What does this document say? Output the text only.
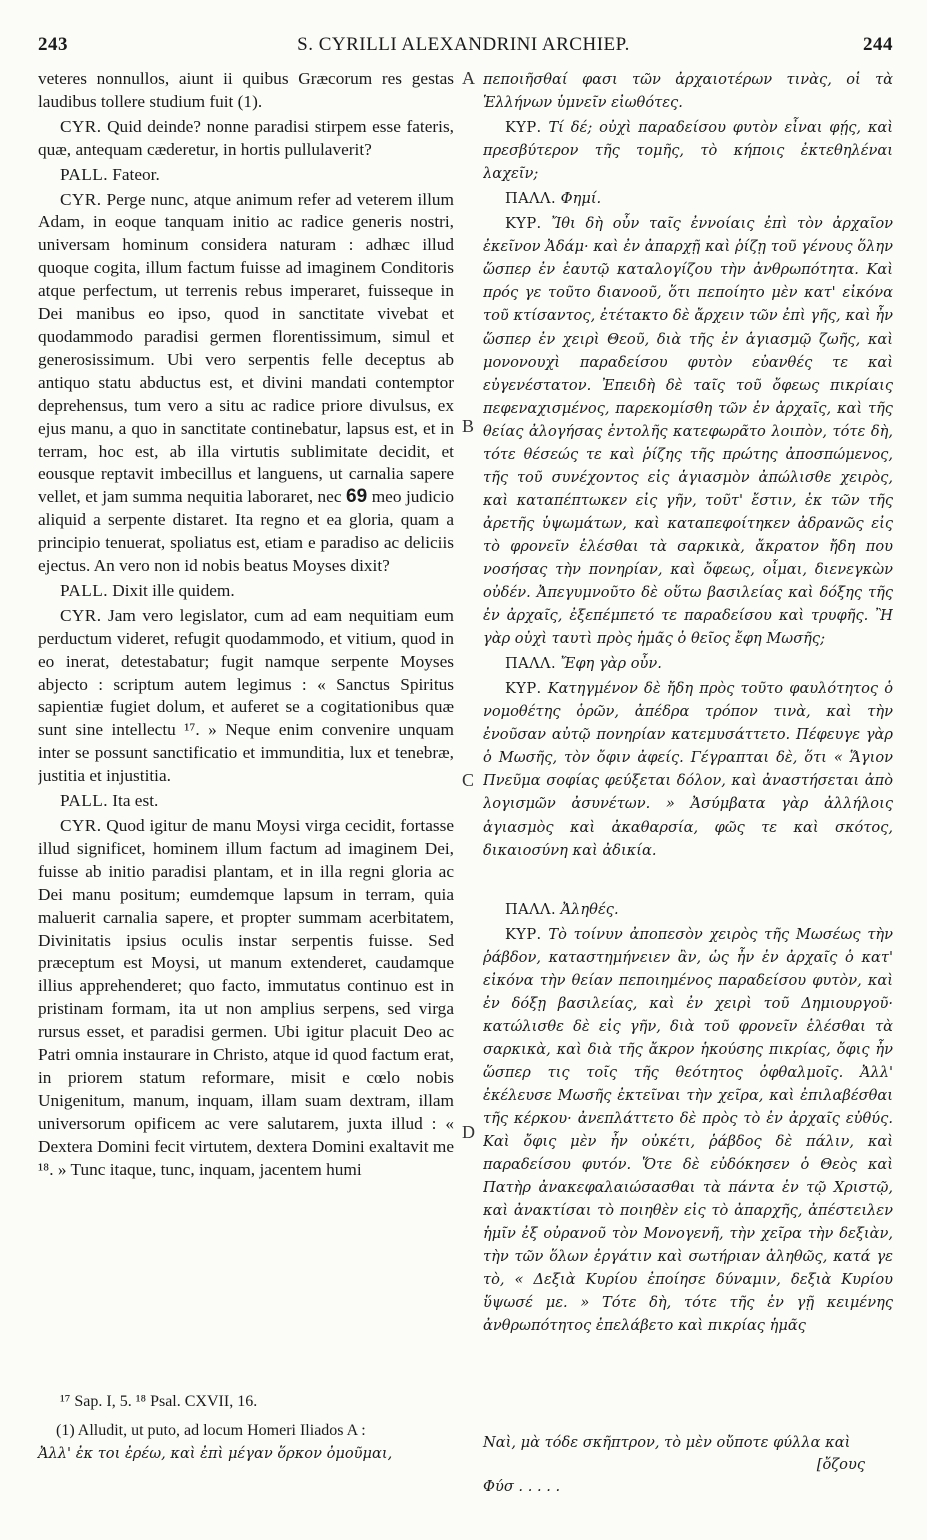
243	S. CYRILLI ALEXANDRINI ARCHIEP.	244

veteres nonnullos, aiunt ii quibus Græcorum res gestas laudibus tollere studium fuit (1).

CYR. Quid deinde? nonne paradisi stirpem esse fateris, quæ, antequam cæderetur, in hortis pullulaverit?

PALL. Fateor.

CYR. Perge nunc, atque animum refer ad veterem illum Adam, in eoque tanquam initio ac radice generis nostri, universam hominum considera naturam : adhæc illud quoque cogita, illum factum fuisse ad imaginem Conditoris atque perfectum, ut terrenis rebus imperaret, fuisseque in Dei manibus eo ipso, quod in sanctitate vivebat et quodammodo paradisi germen florentissimum, simul et generosissimum. Ubi vero serpentis felle deceptus ab antiquo statu abductus est, et divini mandati contemptor deprehensus, tum vero a situ ac radice priore divulsus, ex ejus manu, a quo in sanctitate continebatur, lapsus est, et in terram, hoc est, ab illa virtutis sublimitate decidit, et eousque reptavit imbecillus et languens, ut carnalia sapere vellet, et jam summa nequitia laboraret, nec 69 meo judicio aliquid a serpente distaret. Ita regno et ea gloria, quam a principio tenuerat, spoliatus est, etiam e paradiso ac deliciis ejectus. An vero non id nobis beatus Moyses dixit?

PALL. Dixit ille quidem.

CYR. Jam vero legislator, cum ad eam nequitiam eum perductum videret, refugit quodammodo, et vitium, quod in eo inerat, detestabatur; fugit namque serpente Moyses abjecto : scriptum autem legimus : « Sanctus Spiritus sapientiæ fugiet dolum, et auferet se a cogitationibus quæ sunt sine intellectu ¹⁷. » Neque enim convenire unquam inter se possunt sanctificatio et immunditia, lux et tenebræ, justitia et injustitia.

PALL. Ita est.

CYR. Quod igitur de manu Moysi virga cecidit, fortasse illud significet, hominem illum factum ad imaginem Dei, fuisse ab initio paradisi plantam, et in illa regni gloria ac Dei manu positum; eumdemque lapsum in terram, quia maluerit carnalia sapere, et propter summam acerbitatem, Divinitatis ipsius oculis instar serpentis fuisse. Sed præceptum est Moysi, ut manum extenderet, caudamque illius apprehenderet; quo facto, immutatus continuo est in pristinam formam, ita ut non amplius serpens, sed virga rursus esset, et paradisi germen. Ubi igitur placuit Deo ac Patri omnia instaurare in Christo, atque id quod factum erat, in priorem statum reformare, misit e cœlo nobis Unigenitum, manum, inquam, illam suam dextram, illam universorum opificem ac vere salutarem, juxta illud : « Dextera Domini fecit virtutem, dextera Domini exaltavit me ¹⁸. » Tunc itaque, tunc, inquam, jacentem humi

A
B
C
D

πεποιῆσθαί φασι τῶν ἀρχαιοτέρων τινὰς, οἱ τὰ Ἑλλήνων ὑμνεῖν εἰωθότες.

ΚΥΡ. Τί δέ; οὐχὶ παραδείσου φυτὸν εἶναι φῄς, καὶ πρεσβύτερον τῆς τομῆς, τὸ κήποις ἐκτεθηλέναι λαχεῖν;

ΠΑΛΛ. Φημί.

ΚΥΡ. Ἴθι δὴ οὖν ταῖς ἐννοίαις ἐπὶ τὸν ἀρχαῖον ἐκεῖνον Ἀδάμ· καὶ ἐν ἀπαρχῇ καὶ ῥίζῃ τοῦ γένους ὅλην ὥσπερ ἐν ἑαυτῷ καταλογίζου τὴν ἀνθρωπότητα. Καὶ πρός γε τοῦτο διανοοῦ, ὅτι πεποίητο μὲν κατ' εἰκόνα τοῦ κτίσαντος, ἐτέτακτο δὲ ἄρχειν τῶν ἐπὶ γῆς, καὶ ἦν ὥσπερ ἐν χειρὶ Θεοῦ, διὰ τῆς ἐν ἁγιασμῷ ζωῆς, καὶ μονονουχὶ παραδείσου φυτὸν εὐανθές τε καὶ εὐγενέστατον. Ἐπειδὴ δὲ ταῖς τοῦ ὄφεως πικρίαις πεφεναχισμένος, παρεκομίσθη τῶν ἐν ἀρχαῖς, καὶ τῆς θείας ἀλογήσας ἐντολῆς κατεφωρᾶτο λοιπὸν, τότε δὴ, τότε θέσεώς τε καὶ ῥίζης τῆς πρώτης ἀποσπώμενος, τῆς τοῦ συνέχοντος εἰς ἁγιασμὸν ἀπώλισθε χειρὸς, καὶ καταπέπτωκεν εἰς γῆν, τοῦτ' ἔστιν, ἐκ τῶν τῆς ἀρετῆς ὑψωμάτων, καὶ καταπεφοίτηκεν ἀδρανῶς εἰς τὸ φρονεῖν ἑλέσθαι τὰ σαρκικὰ, ἄκρατον ἤδη που νοσήσας τὴν πονηρίαν, καὶ ὄφεως, οἶμαι, διενεγκὼν οὐδέν. Ἀπεγυμνοῦτο δὲ οὕτω βασιλείας καὶ δόξης τῆς ἐν ἀρχαῖς, ἐξεπέμπετό τε παραδείσου καὶ τρυφῆς. Ἢ γὰρ οὐχὶ ταυτὶ πρὸς ἡμᾶς ὁ θεῖος ἔφη Μωσῆς;

ΠΑΛΛ. Ἔφη γὰρ οὖν.

ΚΥΡ. Κατηγμένον δὲ ἤδη πρὸς τοῦτο φαυλότητος ὁ νομοθέτης ὁρῶν, ἀπέδρα τρόπον τινὰ, καὶ τὴν ἐνοῦσαν αὐτῷ πονηρίαν κατεμυσάττετο. Πέφευγε γὰρ ὁ Μωσῆς, τὸν ὄφιν ἀφείς. Γέγραπται δὲ, ὅτι « Ἅγιον Πνεῦμα σοφίας φεύξεται δόλον, καὶ ἀναστήσεται ἀπὸ λογισμῶν ἀσυνέτων. » Ἀσύμβατα γὰρ ἀλλήλοις ἁγιασμὸς καὶ ἀκαθαρσία, φῶς τε καὶ σκότος, δικαιοσύνη καὶ ἀδικία.

ΠΑΛΛ. Ἀληθές.

ΚΥΡ. Τὸ τοίνυν ἀποπεσὸν χειρὸς τῆς Μωσέως τὴν ῥάβδον, καταστημήνειεν ἂν, ὡς ἦν ἐν ἀρχαῖς ὁ κατ' εἰκόνα τὴν θείαν πεποιημένος παραδείσου φυτὸν, καὶ ἐν δόξῃ βασιλείας, καὶ ἐν χειρὶ τοῦ Δημιουργοῦ· κατώλισθε δὲ εἰς γῆν, διὰ τοῦ φρονεῖν ἑλέσθαι τὰ σαρκικὰ, καὶ διὰ τῆς ἄκρον ἡκούσης πικρίας, ὄφις ἦν ὥσπερ τις τοῖς τῆς θεότητος ὀφθαλμοῖς. Ἀλλ' ἐκέλευσε Μωσῆς ἐκτεῖναι τὴν χεῖρα, καὶ ἐπιλαβέσθαι τῆς κέρκου· ἀνεπλάττετο δὲ πρὸς τὸ ἐν ἀρχαῖς εὐθύς. Καὶ ὄφις μὲν ἦν οὐκέτι, ῥάβδος δὲ πάλιν, καὶ παραδείσου φυτόν. Ὅτε δὲ εὐδόκησεν ὁ Θεὸς καὶ Πατὴρ ἀνακεφαλαιώσασθαι τὰ πάντα ἐν τῷ Χριστῷ, καὶ ἀνακτίσαι τὸ ποιηθὲν εἰς τὸ ἀπαρχῆς, ἀπέστειλεν ἡμῖν ἐξ οὐρανοῦ τὸν Μονογενῆ, τὴν χεῖρα τὴν δεξιὰν, τὴν τῶν ὅλων ἐργάτιν καὶ σωτήριαν ἀληθῶς, κατά γε τὸ, « Δεξιὰ Κυρίου ἐποίησε δύναμιν, δεξιὰ Κυρίου ὕψωσέ με. » Τότε δὴ, τότε τῆς ἐν γῇ κειμένης ἀνθρωπότητος ἐπελάβετο καὶ πικρίας ἡμᾶς

¹⁷ Sap. I, 5. ¹⁸ Psal. CXVII, 16.

(1) Alludit, ut puto, ad locum Homeri Iliados A :

Ἀλλ' ἐκ τοι ἐρέω, καὶ ἐπὶ μέγαν ὅρκον ὀμοῦμαι,

Ναὶ, μὰ τόδε σκῆπτρον, τὸ μὲν οὔποτε φύλλα καὶ
[ὄζους
Φύσ . . . . .
